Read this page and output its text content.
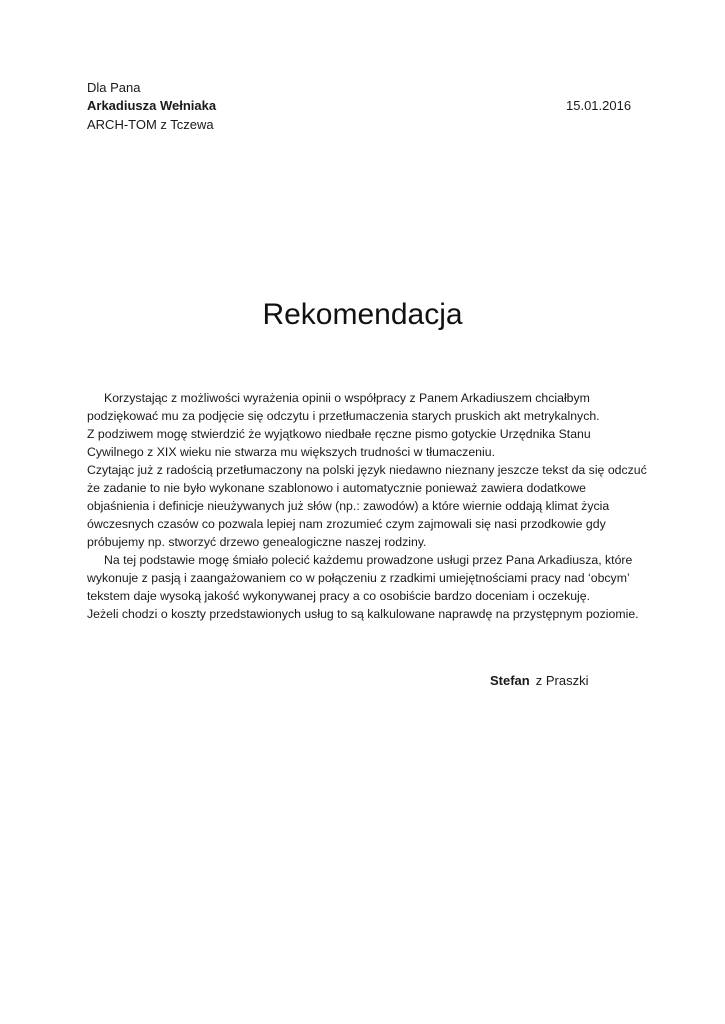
Dla Pana
Arkadiusza Wełniaka
ARCH-TOM z Tczewa
15.01.2016
Rekomendacja
Korzystając z możliwości wyrażenia opinii o współpracy z Panem Arkadiuszem chciałbym
podziękować mu za podjęcie się odczytu i przetłumaczenia starych pruskich akt metrykalnych.
Z podziwem mogę stwierdzić że wyjątkowo niedbałe ręczne pismo gotyckie Urzędnika Stanu
Cywilnego z XIX wieku nie stwarza mu większych trudności w tłumaczeniu.
Czytając już z radością przetłumaczony na polski język niedawno nieznany jeszcze tekst da się odczuć
że zadanie to nie było wykonane szablonowo i automatycznie ponieważ zawiera dodatkowe
objaśnienia i definicje nieużywanych już słów (np.: zawodów) a które wiernie oddają klimat życia
ówczesnych czasów co pozwala lepiej nam zrozumieć czym zajmowali się nasi przodkowie gdy
próbujemy np. stworzyć drzewo genealogiczne naszej rodziny.
Na tej podstawie mogę śmiało polecić każdemu prowadzone usługi przez Pana Arkadiusza, które
wykonuje z pasją i zaangażowaniem co w połączeniu z rzadkimi umiejętnościami pracy nad ‘obcym’
tekstem daje wysoką jakość wykonywanej pracy a co osobiście bardzo doceniam i oczekuję.
Jeżeli chodzi o koszty przedstawionych usług to są kalkulowane naprawdę na przystępnym poziomie.
Stefan z Praszki
